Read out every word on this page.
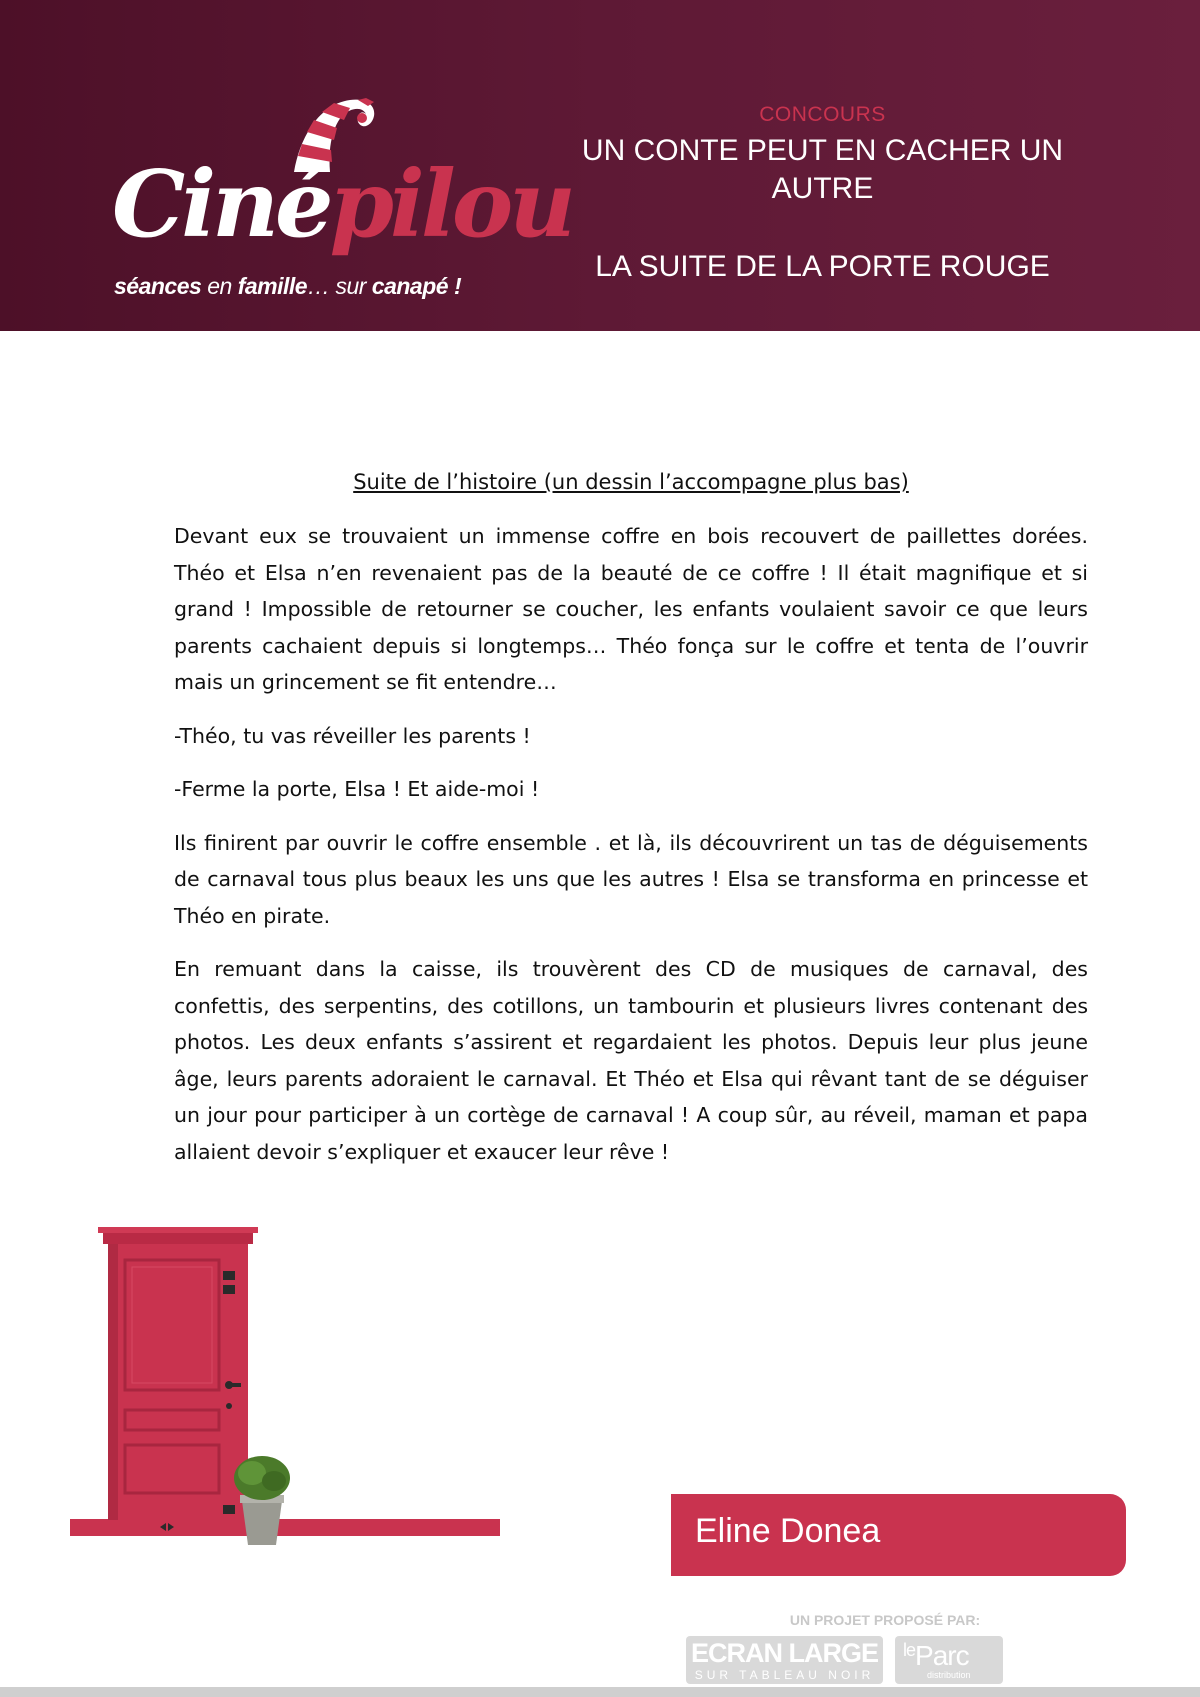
Cinépilou
séances en famille… sur canapé !
CONCOURS
UN CONTE PEUT EN CACHER UN AUTRE
LA SUITE DE LA PORTE ROUGE
Suite de l’histoire (un dessin l’accompagne plus bas)

Devant eux se trouvaient un immense coffre en bois recouvert de paillettes dorées. Théo et Elsa n’en revenaient pas de la beauté de ce coffre ! Il était magnifique et si grand ! Impossible de retourner se coucher, les enfants voulaient savoir ce que leurs parents cachaient depuis si longtemps… Théo fonça sur le coffre et tenta de l’ouvrir mais un grincement se fit entendre…

-Théo, tu vas réveiller les parents !

-Ferme la porte, Elsa ! Et aide-moi !

Ils finirent par ouvrir le coffre ensemble . et là, ils découvrirent un tas de déguisements de carnaval tous plus beaux les uns que les autres ! Elsa se transforma en princesse et Théo en pirate.

En remuant dans la caisse, ils trouvèrent des CD de musiques de carnaval, des confettis, des serpentins, des cotillons, un tambourin et plusieurs livres contenant des photos. Les deux enfants s’assirent et regardaient les photos. Depuis leur plus jeune âge, leurs parents adoraient le carnaval. Et Théo et Elsa qui rêvant tant de se déguiser un jour pour participer à un cortège de carnaval ! A coup sûr, au réveil, maman et papa allaient devoir s’expliquer et exaucer leur rêve !

Eline Donea
UN PROJET PROPOSÉ PAR:
ECRAN LARGE
SUR TABLEAU NOIR
$^{le}$Parc
distribution
